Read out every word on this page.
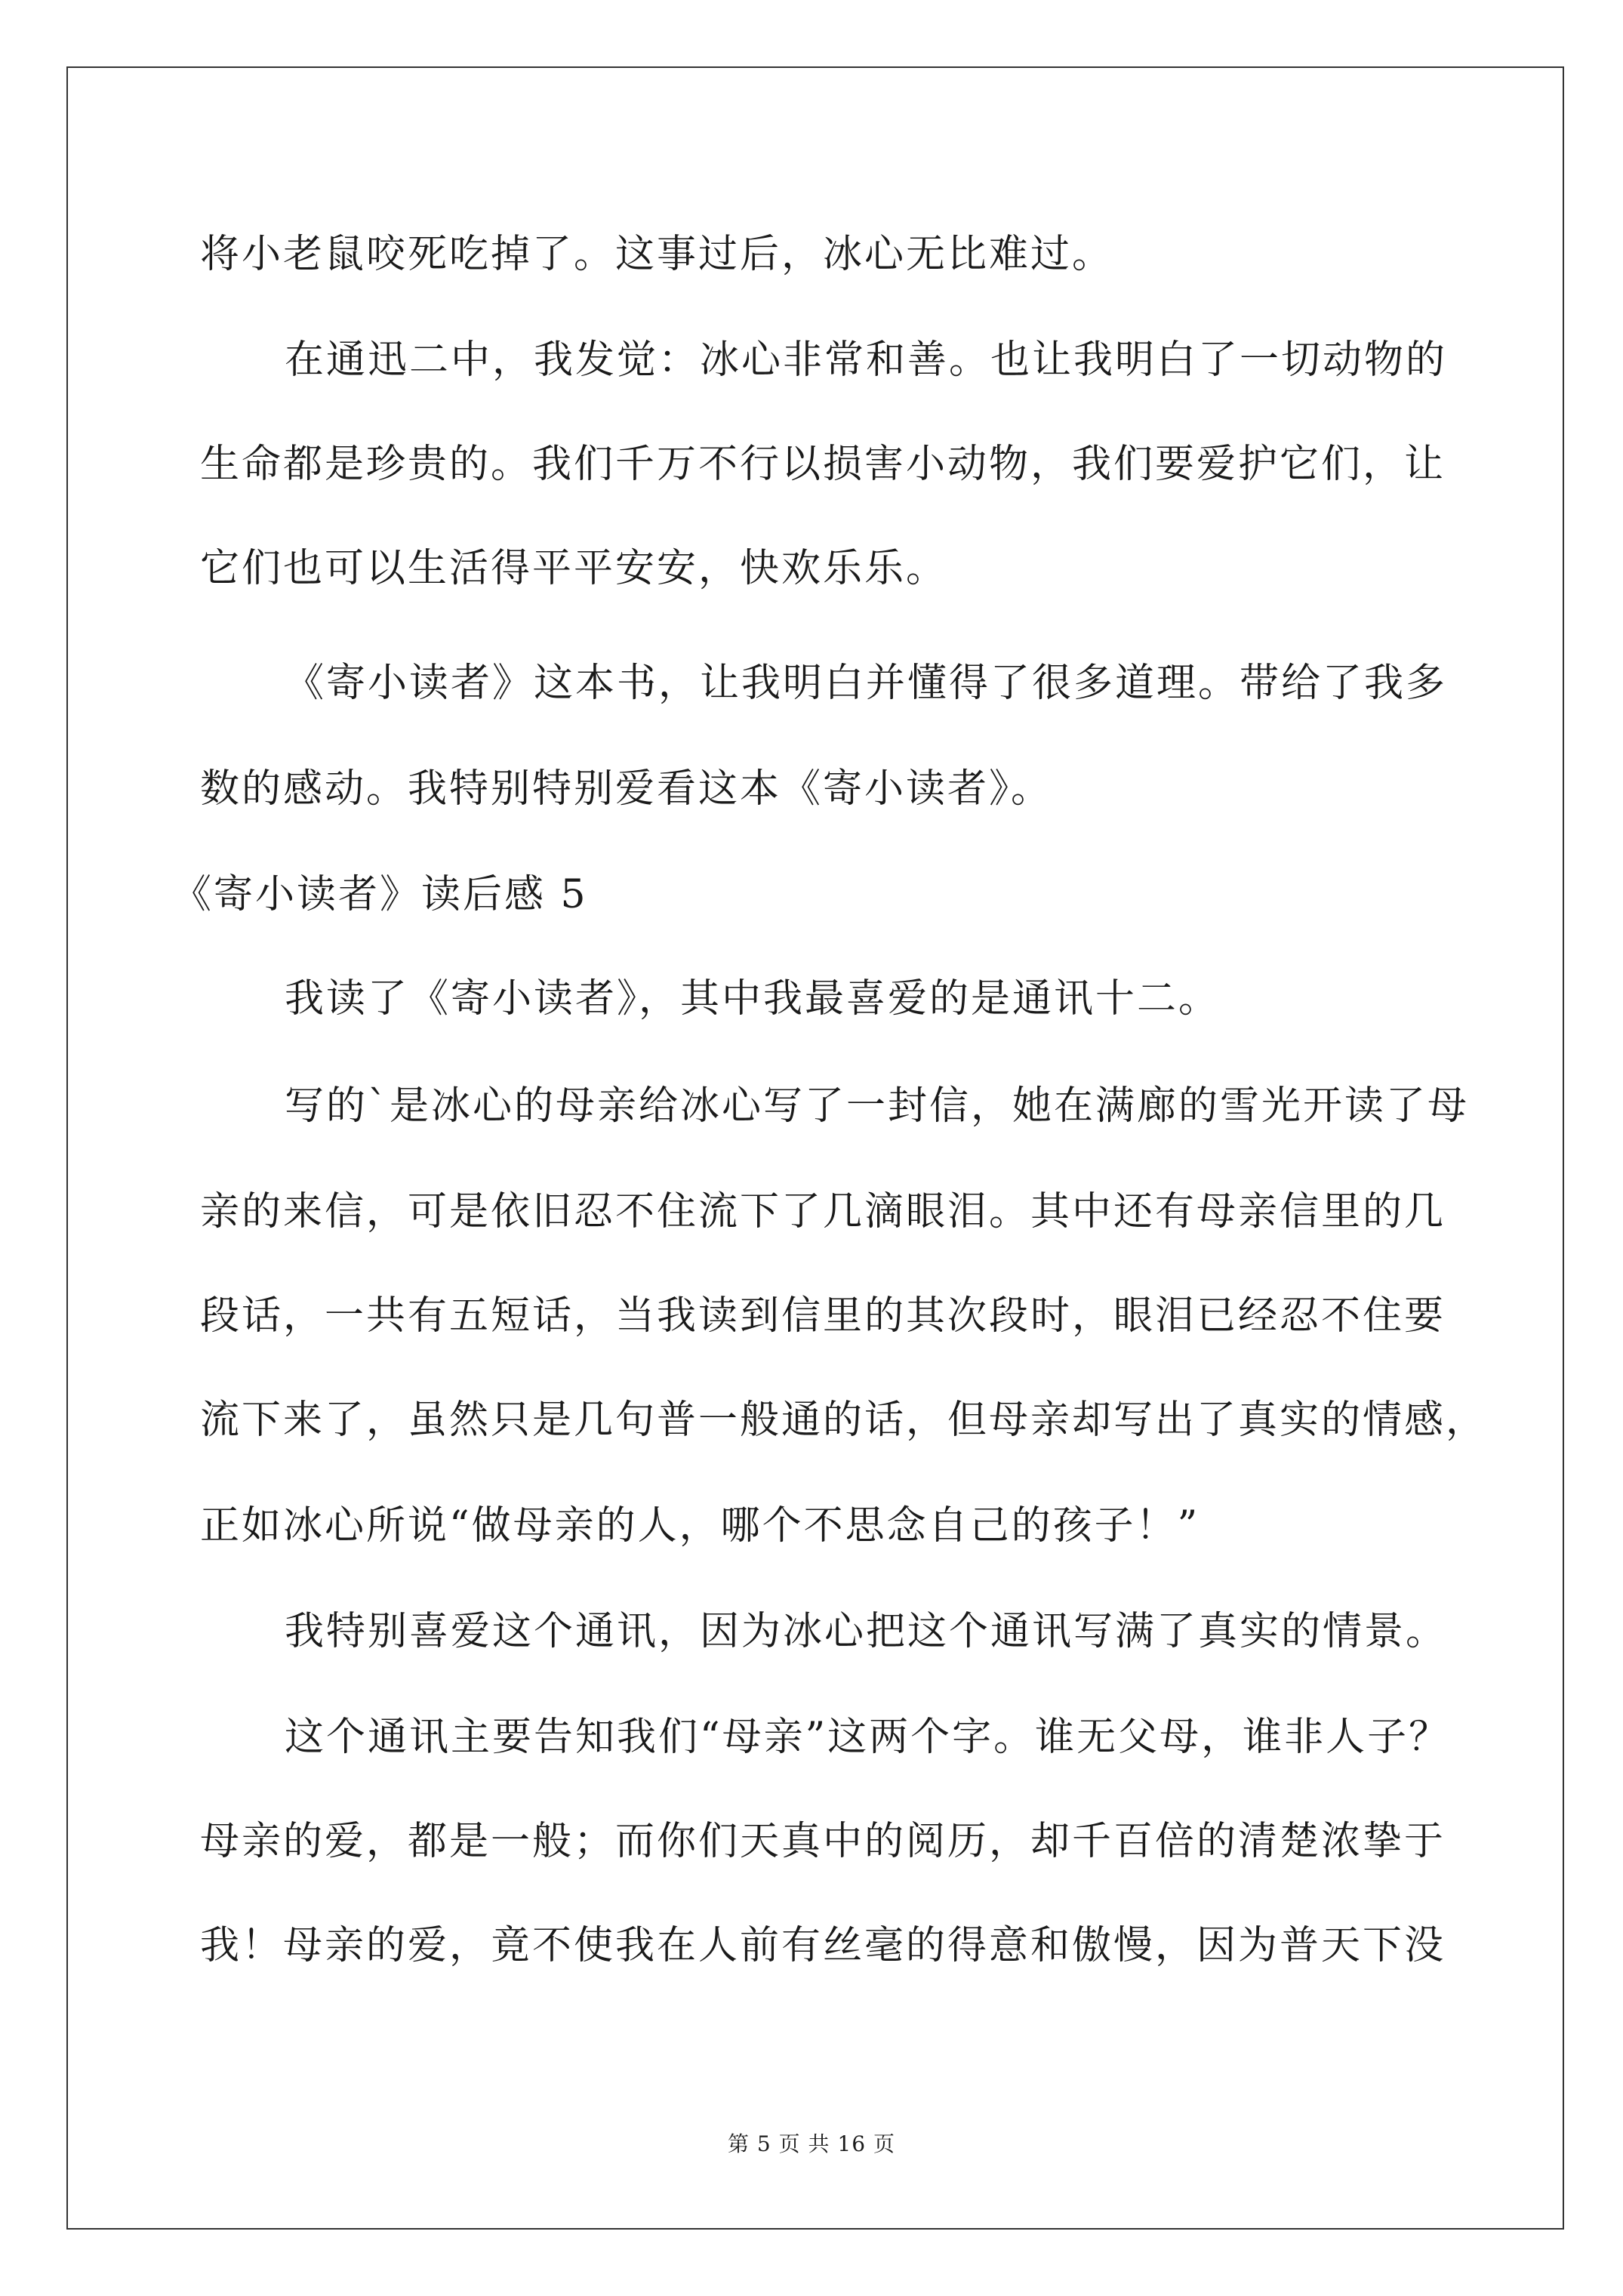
将小老鼠咬死吃掉了。这事过后，冰心无比难过。
在通迅二中，我发觉：冰心非常和善。也让我明白了一切动物的
生命都是珍贵的。我们千万不行以损害小动物，我们要爱护它们，让
它们也可以生活得平平安安，快欢乐乐。
《寄小读者》这本书，让我明白并懂得了很多道理。带给了我多
数的感动。我特别特别爱看这本《寄小读者》。
《寄小读者》读后感 5
我读了《寄小读者》，其中我最喜爱的是通讯十二。
写的`是冰心的母亲给冰心写了一封信，她在满廊的雪光开读了母
亲的来信，可是依旧忍不住流下了几滴眼泪。其中还有母亲信里的几
段话，一共有五短话，当我读到信里的其次段时，眼泪已经忍不住要
流下来了，虽然只是几句普一般通的话，但母亲却写出了真实的情感，
正如冰心所说“做母亲的人，哪个不思念自己的孩子！”
我特别喜爱这个通讯，因为冰心把这个通讯写满了真实的情景。
这个通讯主要告知我们“母亲”这两个字。谁无父母，谁非人子？
母亲的爱，都是一般；而你们天真中的阅历，却千百倍的清楚浓挚于
我！母亲的爱，竟不使我在人前有丝毫的得意和傲慢，因为普天下没
第 5 页 共 16 页
